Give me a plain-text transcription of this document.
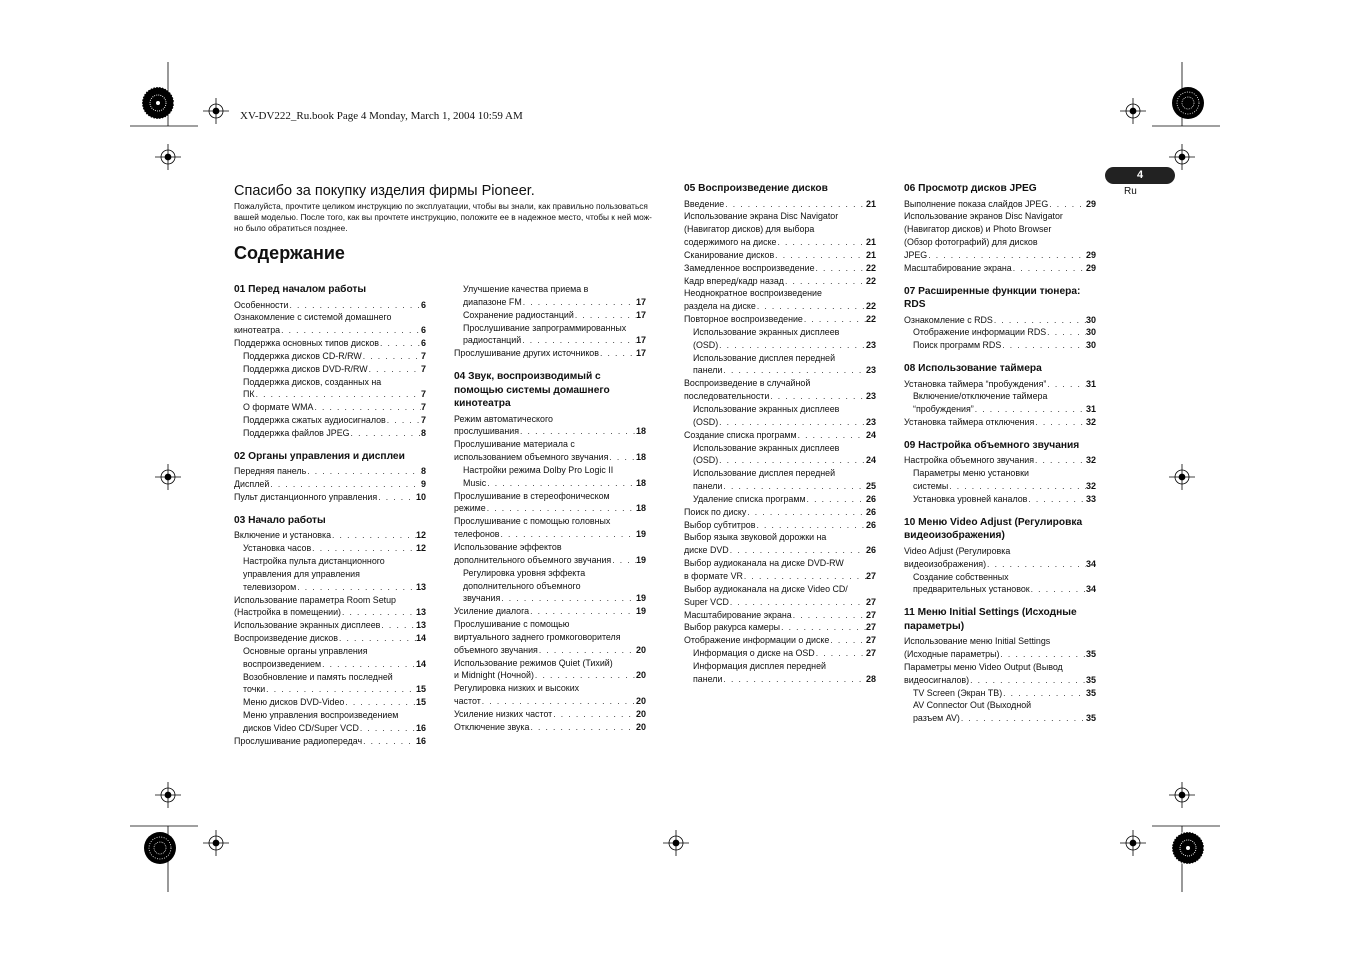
XV-DV222_Ru.book Page 4 Monday, March 1, 2004 10:59 AM
4
Ru
Спасибо за покупку изделия фирмы Pioneer.

Пожалуйста, прочтите целиком инструкцию по эксплуатации, чтобы вы знали, как правильно пользоваться вашей моделью. После того, как вы прочтете инструкцию, положите ее в надежное место, чтобы к ней мож-но было обратиться позднее.

Содержание
01 Перед началом работы
Особенности . . .	6
Ознакомление с системой домашнего
кинотеатра . . .	6
Поддержка основных типов дисков . . .	6
Поддержка дисков CD-R/RW . . .	7
Поддержка дисков DVD-R/RW . . .	7
Поддержка дисков, созданных на
ПК . . .	7
О формате WMA . . .	7
Поддержка сжатых аудиосигналов . . .	7
Поддержка файлов JPEG . . .	8
02 Органы управления и дисплеи
Передняя панель . . .	8
Дисплей . . .	9
Пульт дистанционного управления . . .	10
03 Начало работы
Включение и установка . . .	12
Установка часов . . .	12
Настройка пульта дистанционного
управления для управления
телевизором . . .	13
Использование параметра Room Setup
(Настройка в помещении) . . .	13
Использование экранных дисплеев . . .	13
Воспроизведение дисков . . .	14
Основные органы управления
воспроизведением . . .	14
Возобновление и память последней
точки . . .	15
Меню дисков DVD-Video . . .	15
Меню управления воспроизведением
дисков Video CD/Super VCD . . .	16
Прослушивание радиопередач . . .	16
Улучшение качества приема в
диапазоне FM . . .	17
Сохранение радиостанций . . .	17
Прослушивание запрограммированных
радиостанций . . .	17
Прослушивание других источников . . .	17
04 Звук, воспроизводимый с помощью системы домашнего кинотеатра
Режим автоматического
прослушивания . . .	18
Прослушивание материала с
использованием объемного звучания . . .	18
Настройки режима Dolby Pro Logic II
Music . . .	18
Прослушивание в стереофоническом
режиме . . .	18
Прослушивание с помощью головных
телефонов . . .	19
Использование эффектов
дополнительного объемного звучания . . .	19
Регулировка уровня эффекта
дополнительного объемного
звучания . . .	19
Усиление диалога . . .	19
Прослушивание с помощью
виртуального заднего громкоговорителя
объемного звучания . . .	20
Использование режимов Quiet (Тихий)
и Midnight (Ночной) . . .	20
Регулировка низких и высоких
частот . . .	20
Усиление низких частот . . .	20
Отключение звука . . .	20
05 Воспроизведение дисков
Введение . . .	21
Использование экрана Disc Navigator
(Навигатор дисков) для выбора
содержимого на диске . . .	21
Сканирование дисков . . .	21
Замедленное воспроизведение . . .	22
Кадр вперед/кадр назад . . .	22
Неоднократное воспроизведение
раздела на диске . . .	22
Повторное воспроизведение . . .	22
Использование экранных дисплеев
(OSD) . . .	23
Использование дисплея передней
панели . . .	23
Воспроизведение в случайной
последовательности . . .	23
Использование экранных дисплеев
(OSD) . . .	23
Создание списка программ . . .	24
Использование экранных дисплеев
(OSD) . . .	24
Использование дисплея передней
панели . . .	25
Удаление списка программ . . .	26
Поиск по диску . . .	26
Выбор субтитров . . .	26
Выбор языка звуковой дорожки на
диске DVD . . .	26
Выбор аудиоканала на диске DVD-RW
в формате VR . . .	27
Выбор аудиоканала на диске Video CD/
Super VCD . . .	27
Масштабирование экрана . . .	27
Выбор ракурса камеры . . .	27
Отображение информации о диске . . .	27
Информация о диске на OSD . . .	27
Информация дисплея передней
панели . . .	28
06 Просмотр дисков JPEG
Выполнение показа слайдов JPEG . . .	29
Использование экранов Disc Navigator
(Навигатор дисков) и Photo Browser
(Обзор фотографий) для дисков
JPEG . . .	29
Масштабирование экрана . . .	29
07 Расширенные функции тюнера: RDS
Ознакомление с RDS . . .	30
Отображение информации RDS . . .	30
Поиск программ RDS . . .	30
08 Использование таймера
Установка таймера “пробуждения” . . .	31
Включение/отключение таймера
“пробуждения” . . .	31
Установка таймера отключения . . .	32
09 Настройка объемного звучания
Настройка объемного звучания . . .	32
Параметры меню установки
системы . . .	32
Установка уровней каналов . . .	33
10 Меню Video Adjust (Регулировка видеоизображения)
Video Adjust (Регулировка
видеоизображения) . . .	34
Создание собственных
предварительных установок . . .	34
11 Меню Initial Settings (Исходные параметры)
Использование меню Initial Settings
(Исходные параметры) . . .	35
Параметры меню Video Output (Вывод
видеосигналов) . . .	35
TV Screen (Экран ТВ) . . .	35
AV Connector Out (Выходной
разъем AV) . . .	35
